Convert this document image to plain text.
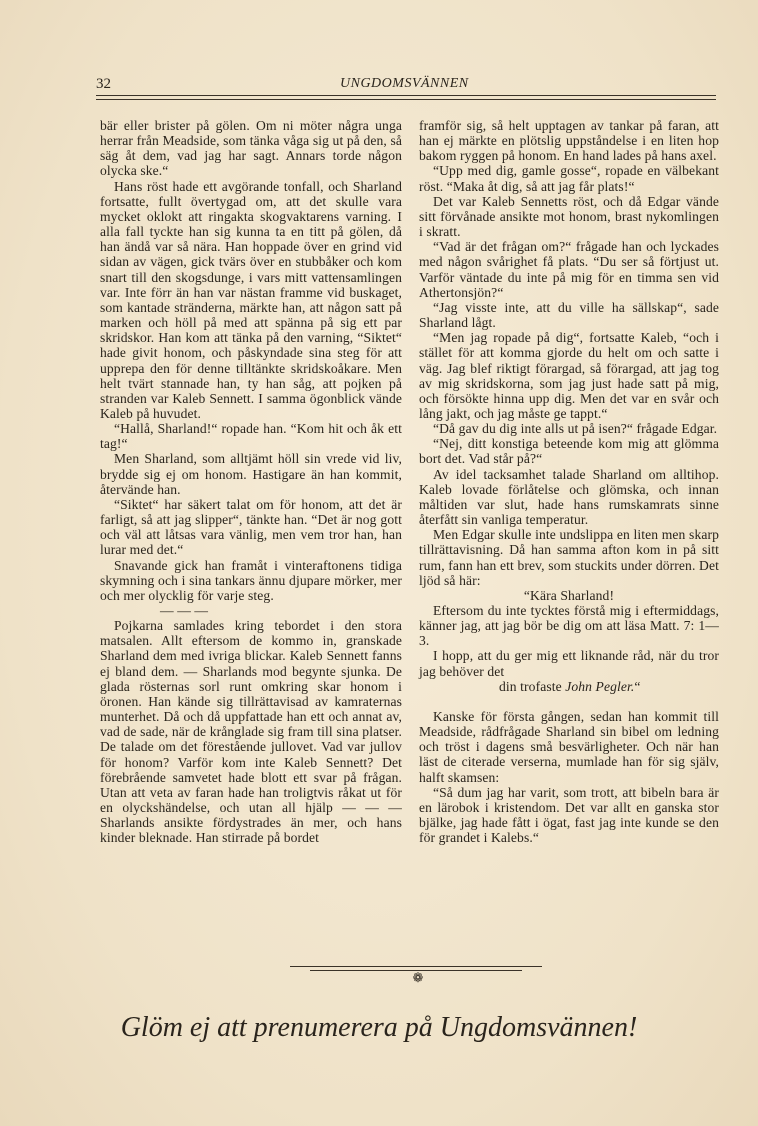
32	UNGDOMSVÄNNEN

bär eller brister på gölen. Om ni möter några unga herrar från Meadside, som tänka våga sig ut på den, så säg åt dem, vad jag har sagt. Annars torde någon olycka ske.“

Hans röst hade ett avgörande tonfall, och Sharland fortsatte, fullt övertygad om, att det skulle vara mycket oklokt att ringakta skogvaktarens varning. I alla fall tyckte han sig kunna ta en titt på gölen, då han ändå var så nära. Han hoppade över en grind vid sidan av vägen, gick tvärs över en stubbåker och kom snart till den skogsdunge, i vars mitt vattensamlingen var. Inte förr än han var nästan framme vid buskaget, som kantade stränderna, märkte han, att någon satt på marken och höll på med att spänna på sig ett par skridskor. Han kom att tänka på den varning, “Siktet“ hade givit honom, och påskyndade sina steg för att upprepa den för denne tilltänkte skridskoåkare. Men helt tvärt stannade han, ty han såg, att pojken på stranden var Kaleb Sennett. I samma ögonblick vände Kaleb på huvudet.

“Hallå, Sharland!“ ropade han. “Kom hit och åk ett tag!“

Men Sharland, som alltjämt höll sin vrede vid liv, brydde sig ej om honom. Hastigare än han kommit, återvände han.

“Siktet“ har säkert talat om för honom, att det är farligt, så att jag slipper“, tänkte han. “Det är nog gott och väl att låtsas vara vänlig, men vem tror han, han lurar med det.“

Snavande gick han framåt i vinteraftonens tidiga skymning och i sina tankars ännu djupare mörker, mer och mer olycklig för varje steg.

— — —

Pojkarna samlades kring tebordet i den stora matsalen. Allt eftersom de kommo in, granskade Sharland dem med ivriga blickar. Kaleb Sennett fanns ej bland dem. — Sharlands mod begynte sjunka. De glada rösternas sorl runt omkring skar honom i öronen. Han kände sig tillrättavisad av kamraternas munterhet. Då och då uppfattade han ett och annat av, vad de sade, när de krånglade sig fram till sina platser. De talade om det förestående jullovet. Vad var jullov för honom? Varför kom inte Kaleb Sennett? Det förebrående samvetet hade blott ett svar på frågan. Utan att veta av faran hade han troligtvis råkat ut för en olyckshändelse, och utan all hjälp — — — Sharlands ansikte fördystrades än mer, och hans kinder bleknade. Han stirrade på bordet

framför sig, så helt upptagen av tankar på faran, att han ej märkte en plötslig uppståndelse i en liten hop bakom ryggen på honom. En hand lades på hans axel.

“Upp med dig, gamle gosse“, ropade en välbekant röst. “Maka åt dig, så att jag får plats!“

Det var Kaleb Sennetts röst, och då Edgar vände sitt förvånade ansikte mot honom, brast nykomlingen i skratt.

“Vad är det frågan om?“ frågade han och lyckades med någon svårighet få plats. “Du ser så förtjust ut. Varför väntade du inte på mig för en timma sen vid Athertonsjön?“

“Jag visste inte, att du ville ha sällskap“, sade Sharland lågt.

“Men jag ropade på dig“, fortsatte Kaleb, “och i stället för att komma gjorde du helt om och satte i väg. Jag blef riktigt förargad, så förargad, att jag tog av mig skridskorna, som jag just hade satt på mig, och försökte hinna upp dig. Men det var en svår och lång jakt, och jag måste ge tappt.“

“Då gav du dig inte alls ut på isen?“ frågade Edgar.

“Nej, ditt konstiga beteende kom mig att glömma bort det. Vad står på?“

Av idel tacksamhet talade Sharland om alltihop. Kaleb lovade förlåtelse och glömska, och innan måltiden var slut, hade hans rumskamrats sinne återfått sin vanliga temperatur.

Men Edgar skulle inte undslippa en liten men skarp tillrättavisning. Då han samma afton kom in på sitt rum, fann han ett brev, som stuckits under dörren. Det ljöd så här:

“Kära Sharland!

Eftersom du inte tycktes förstå mig i eftermiddags, känner jag, att jag bör be dig om att läsa Matt. 7: 1—3.

I hopp, att du ger mig ett liknande råd, när du tror jag behöver det

din trofaste John Pegler.“

Kanske för första gången, sedan han kommit till Meadside, rådfrågade Sharland sin bibel om ledning och tröst i dagens små besvärligheter. Och när han läst de citerade verserna, mumlade han för sig själv, halft skamsen:

“Så dum jag har varit, som trott, att bibeln bara är en lärobok i kristendom. Det var allt en ganska stor bjälke, jag hade fått i ögat, fast jag inte kunde se den för grandet i Kalebs.“

❁
Glöm ej att prenumerera på Ungdomsvännen!
